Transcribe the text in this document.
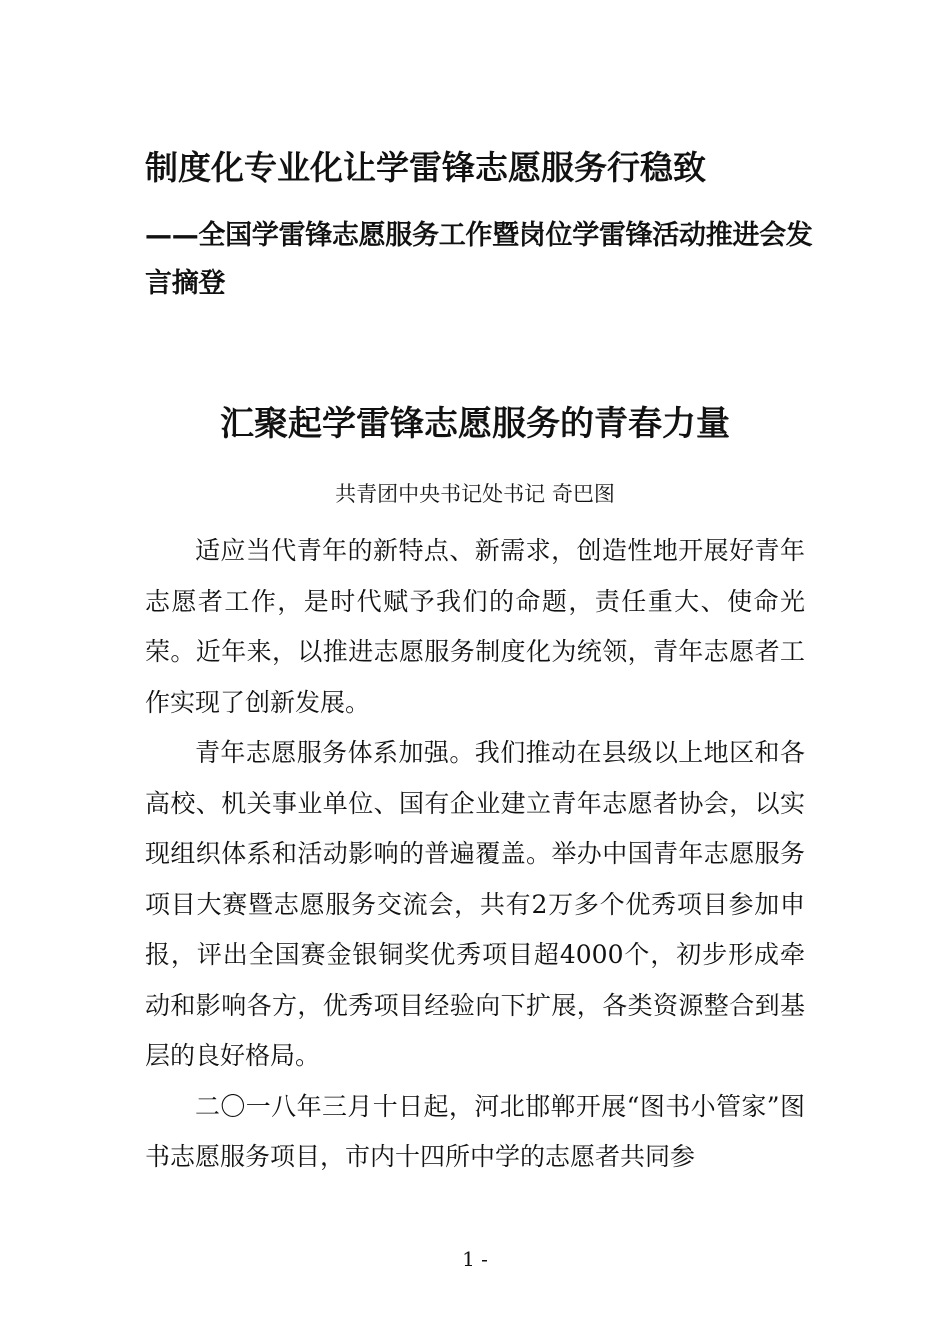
制度化专业化让学雷锋志愿服务行稳致
——全国学雷锋志愿服务工作暨岗位学雷锋活动推进会发言摘登
汇聚起学雷锋志愿服务的青春力量
共青团中央书记处书记 奇巴图

适应当代青年的新特点、新需求，创造性地开展好青年志愿者工作，是时代赋予我们的命题，责任重大、使命光荣。近年来，以推进志愿服务制度化为统领，青年志愿者工作实现了创新发展。

青年志愿服务体系加强。我们推动在县级以上地区和各高校、机关事业单位、国有企业建立青年志愿者协会，以实现组织体系和活动影响的普遍覆盖。举办中国青年志愿服务项目大赛暨志愿服务交流会，共有2万多个优秀项目参加申报，评出全国赛金银铜奖优秀项目超4000个，初步形成牵动和影响各方，优秀项目经验向下扩展，各类资源整合到基层的良好格局。

二〇一八年三月十日起，河北邯郸开展“图书小管家”图书志愿服务项目，市内十四所中学的志愿者共同参

1 -
